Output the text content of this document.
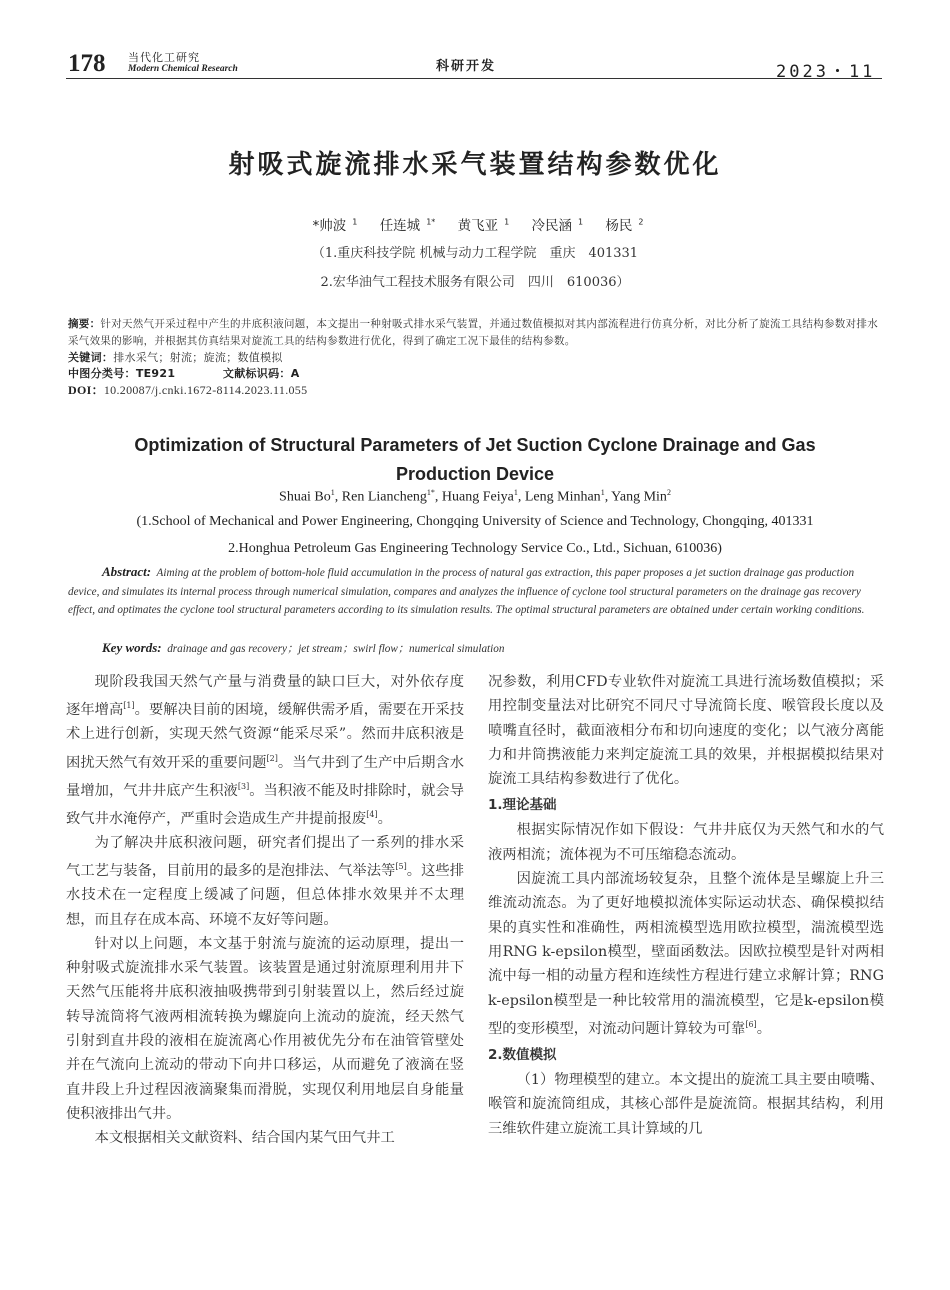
178 当代化工研究
Modern Chemical Research	科研开发	2023・11
射吸式旋流排水采气装置结构参数优化
*帅波 $^1$ 任连城 $^{1*}$ 黄飞亚 $^1$ 冷民涵 $^1$ 杨民 $^2$
（1.重庆科技学院 机械与动力工程学院　重庆　401331
2.宏华油气工程技术服务有限公司　四川　610036）
摘要：针对天然气开采过程中产生的井底积液问题，本文提出一种射吸式排水采气装置，并通过数值模拟对其内部流程进行仿真分析，对比分析了旋流工具结构参数对排水采气效果的影响，并根据其仿真结果对旋流工具的结构参数进行优化，得到了确定工况下最佳的结构参数。
关键词：排水采气；射流；旋流；数值模拟
中图分类号：TE921	文献标识码：A
DOI：10.20087/j.cnki.1672-8114.2023.11.055
Optimization of Structural Parameters of Jet Suction Cyclone Drainage and Gas Production Device
Shuai Bo$^1$, Ren Liancheng$^{1*}$, Huang Feiya$^1$, Leng Minhan$^1$, Yang Min$^2$
(1.School of Mechanical and Power Engineering, Chongqing University of Science and Technology, Chongqing, 401331
2.Honghua Petroleum Gas Engineering Technology Service Co., Ltd., Sichuan, 610036)
Abstract: Aiming at the problem of bottom-hole fluid accumulation in the process of natural gas extraction, this paper proposes a jet suction drainage gas production device, and simulates its internal process through numerical simulation, compares and analyzes the influence of cyclone tool structural parameters on the drainage gas recovery effect, and optimates the cyclone tool structural parameters according to its simulation results. The optimal structural parameters are obtained under certain working conditions.
Key words: drainage and gas recovery；jet stream；swirl flow；numerical simulation

现阶段我国天然气产量与消费量的缺口巨大，对外依存度逐年增高[1]。要解决目前的困境，缓解供需矛盾，需要在开采技术上进行创新，实现天然气资源“能采尽采”。然而井底积液是困扰天然气有效开采的重要问题[2]。当气井到了生产中后期含水量增加，气井井底产生积液[3]。当积液不能及时排除时，就会导致气井水淹停产，严重时会造成生产井提前报废[4]。

为了解决井底积液问题，研究者们提出了一系列的排水采气工艺与装备，目前用的最多的是泡排法、气举法等[5]。这些排水技术在一定程度上缓减了问题，但总体排水效果并不太理想，而且存在成本高、环境不友好等问题。

针对以上问题，本文基于射流与旋流的运动原理，提出一种射吸式旋流排水采气装置。该装置是通过射流原理利用井下天然气压能将井底积液抽吸携带到引射装置以上，然后经过旋转导流筒将气液两相流转换为螺旋向上流动的旋流，经天然气引射到直井段的液相在旋流离心作用被优先分布在油管管壁处并在气流向上流动的带动下向井口移运，从而避免了液滴在竖直井段上升过程因液滴聚集而滑脱，实现仅利用地层自身能量使积液排出气井。

本文根据相关文献资料、结合国内某气田气井工

况参数，利用CFD专业软件对旋流工具进行流场数值模拟；采用控制变量法对比研究不同尺寸导流筒长度、喉管段长度以及喷嘴直径时，截面液相分布和切向速度的变化；以气液分离能力和井筒携液能力来判定旋流工具的效果，并根据模拟结果对旋流工具结构参数进行了优化。

1.理论基础

根据实际情况作如下假设：气井井底仅为天然气和水的气液两相流；流体视为不可压缩稳态流动。

因旋流工具内部流场较复杂，且整个流体是呈螺旋上升三维流动流态。为了更好地模拟流体实际运动状态、确保模拟结果的真实性和准确性，两相流模型选用欧拉模型，湍流模型选用RNG k-epsilon模型，壁面函数法。因欧拉模型是针对两相流中每一相的动量方程和连续性方程进行建立求解计算；RNG k-epsilon模型是一种比较常用的湍流模型，它是k-epsilon模型的变形模型，对流动问题计算较为可靠[6]。

2.数值模拟

（1）物理模型的建立。本文提出的旋流工具主要由喷嘴、喉管和旋流筒组成，其核心部件是旋流筒。根据其结构，利用三维软件建立旋流工具计算域的几
